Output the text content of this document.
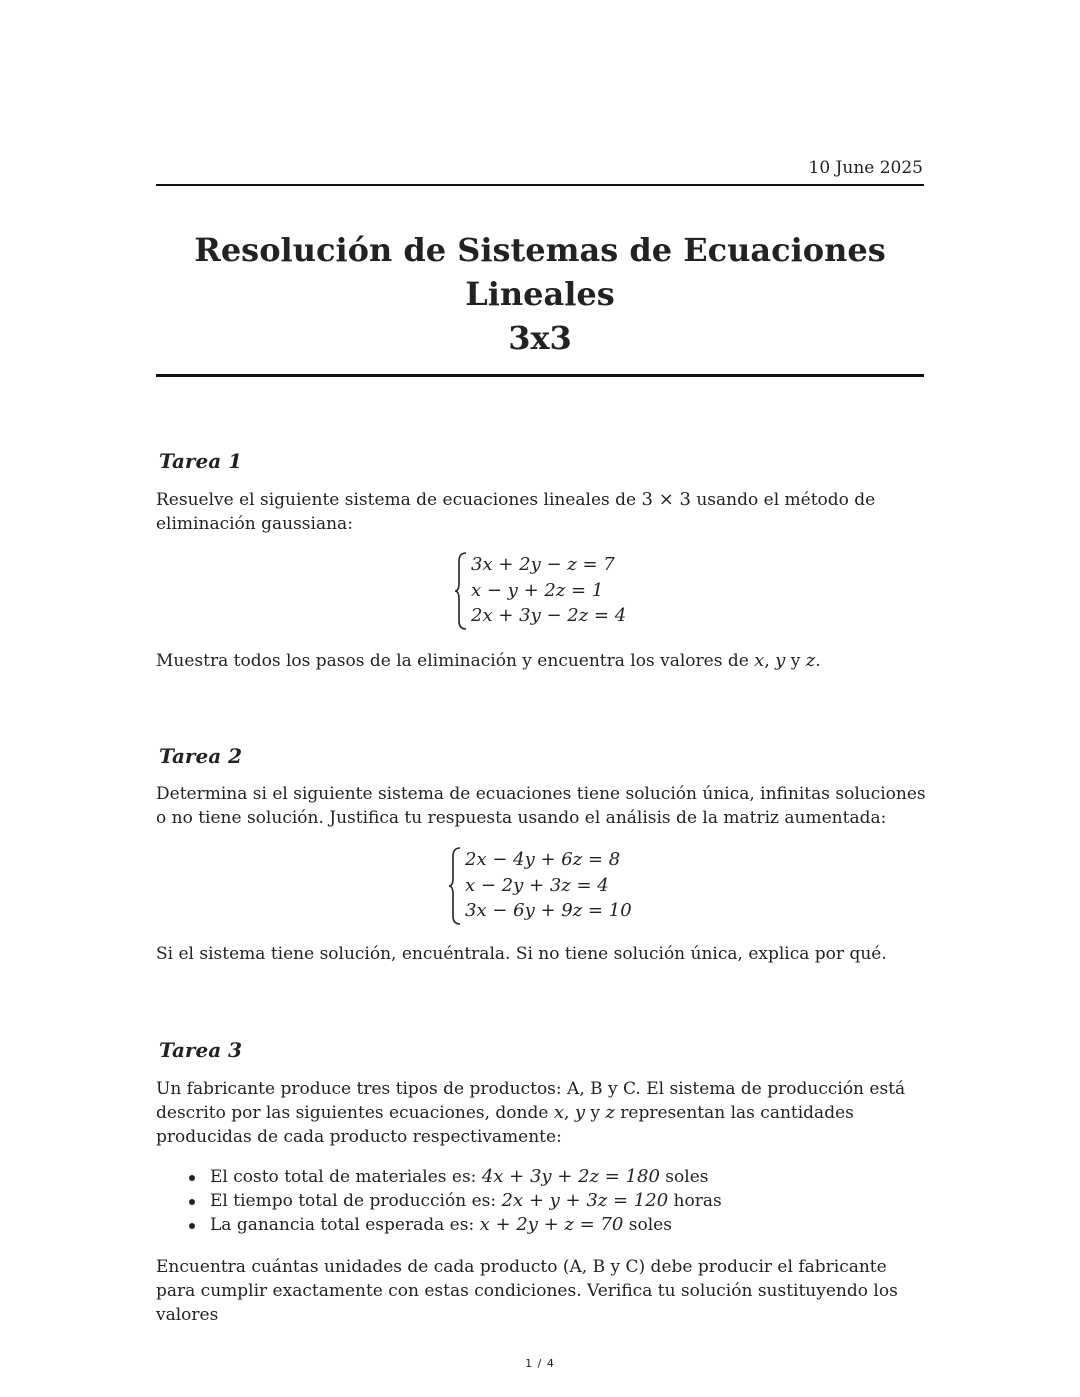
10 June 2025
Resolución de Sistemas de Ecuaciones Lineales
3x3
Tarea 1
Resuelve el siguiente sistema de ecuaciones lineales de 3 × 3 usando el método de eliminación gaussiana:
3x + 2y − z = 7
x − y + 2z = 1
2x + 3y − 2z = 4
Muestra todos los pasos de la eliminación y encuentra los valores de x, y y z.
Tarea 2
Determina si el siguiente sistema de ecuaciones tiene solución única, infinitas soluciones o no tiene solución. Justifica tu respuesta usando el análisis de la matriz aumentada:
2x − 4y + 6z = 8
x − 2y + 3z = 4
3x − 6y + 9z = 10
Si el sistema tiene solución, encuéntrala. Si no tiene solución única, explica por qué.
Tarea 3
Un fabricante produce tres tipos de productos: A, B y C. El sistema de producción está descrito por las siguientes ecuaciones, donde x, y y z representan las cantidades producidas de cada producto respectivamente:
El costo total de materiales es: 4x + 3y + 2z = 180 soles
El tiempo total de producción es: 2x + y + 3z = 120 horas
La ganancia total esperada es: x + 2y + z = 70 soles
Encuentra cuántas unidades de cada producto (A, B y C) debe producir el fabricante para cumplir exactamente con estas condiciones. Verifica tu solución sustituyendo los valores
1 / 4
